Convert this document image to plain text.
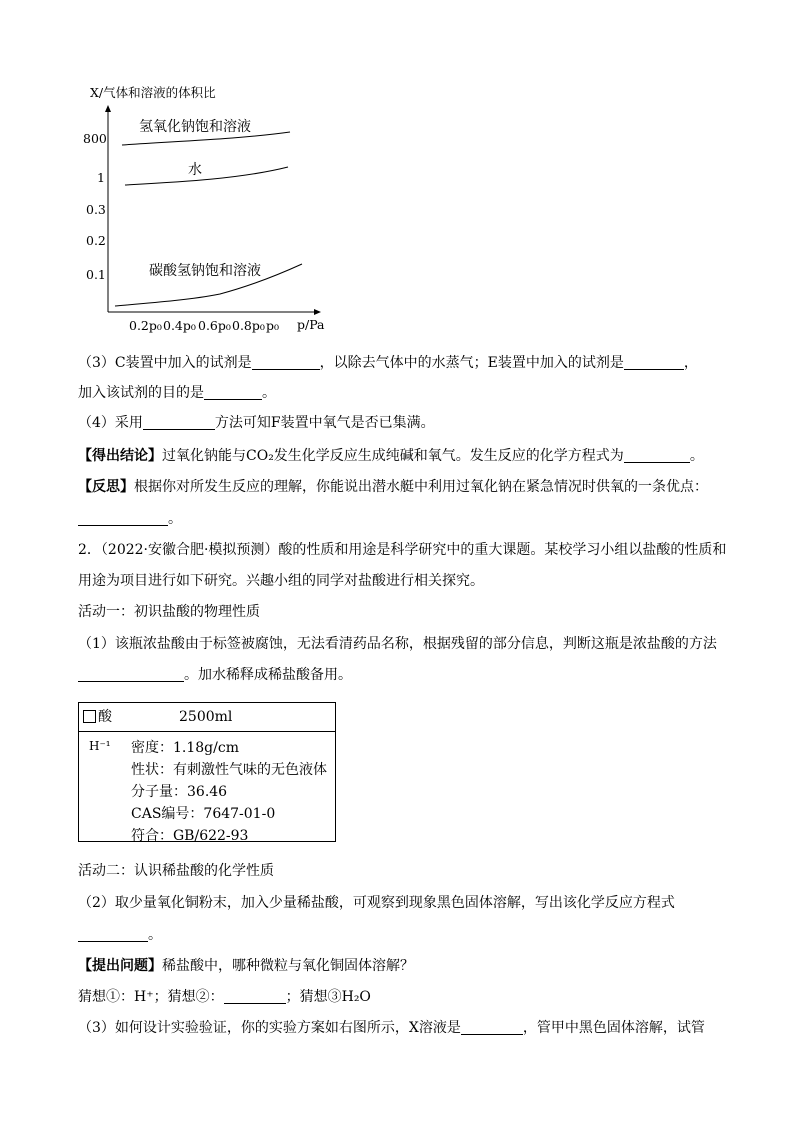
X/气体和溶液的体积比
800
1
0.3
0.2
0.1
0.2p₀ 0.4p₀ 0.6p₀ 0.8p₀ p₀ p/Pa
氢氧化钠饱和溶液
水
碳酸氢钠饱和溶液
（3）C装置中加入的试剂是	，以除去气体中的水蒸气；E装置中加入的试剂是	，
加入该试剂的目的是	。
（4）采用	方法可知F装置中氧气是否已集满。
【得出结论】过氧化钠能与CO₂发生化学反应生成纯碱和氧气。发生反应的化学方程式为	。
【反思】根据你对所发生反应的理解，你能说出潜水艇中利用过氧化钠在紧急情况时供氧的一条优点：
。
2．（2022·安徽合肥·模拟预测）酸的性质和用途是科学研究中的重大课题。某校学习小组以盐酸的性质和
用途为项目进行如下研究。兴趣小组的同学对盐酸进行相关探究。
活动一：初识盐酸的物理性质
（1）该瓶浓盐酸由于标签被腐蚀，无法看清药品名称，根据残留的部分信息，判断这瓶是浓盐酸的方法
。加水稀释成稀盐酸备用。
酸	2500ml
H⁻¹ 密度：1.18g/cm
性状：有刺激性气味的无色液体
分子量：36.46
CAS编号：7647-01-0
符合：GB/622-93
活动二：认识稀盐酸的化学性质
（2）取少量氧化铜粉末，加入少量稀盐酸，可观察到现象黑色固体溶解，写出该化学反应方程式
。
【提出问题】稀盐酸中，哪种微粒与氧化铜固体溶解？
猜想①：H⁺；猜想②：	；猜想③H₂O
（3）如何设计实验验证，你的实验方案如右图所示，X溶液是	，管甲中黑色固体溶解，试管
